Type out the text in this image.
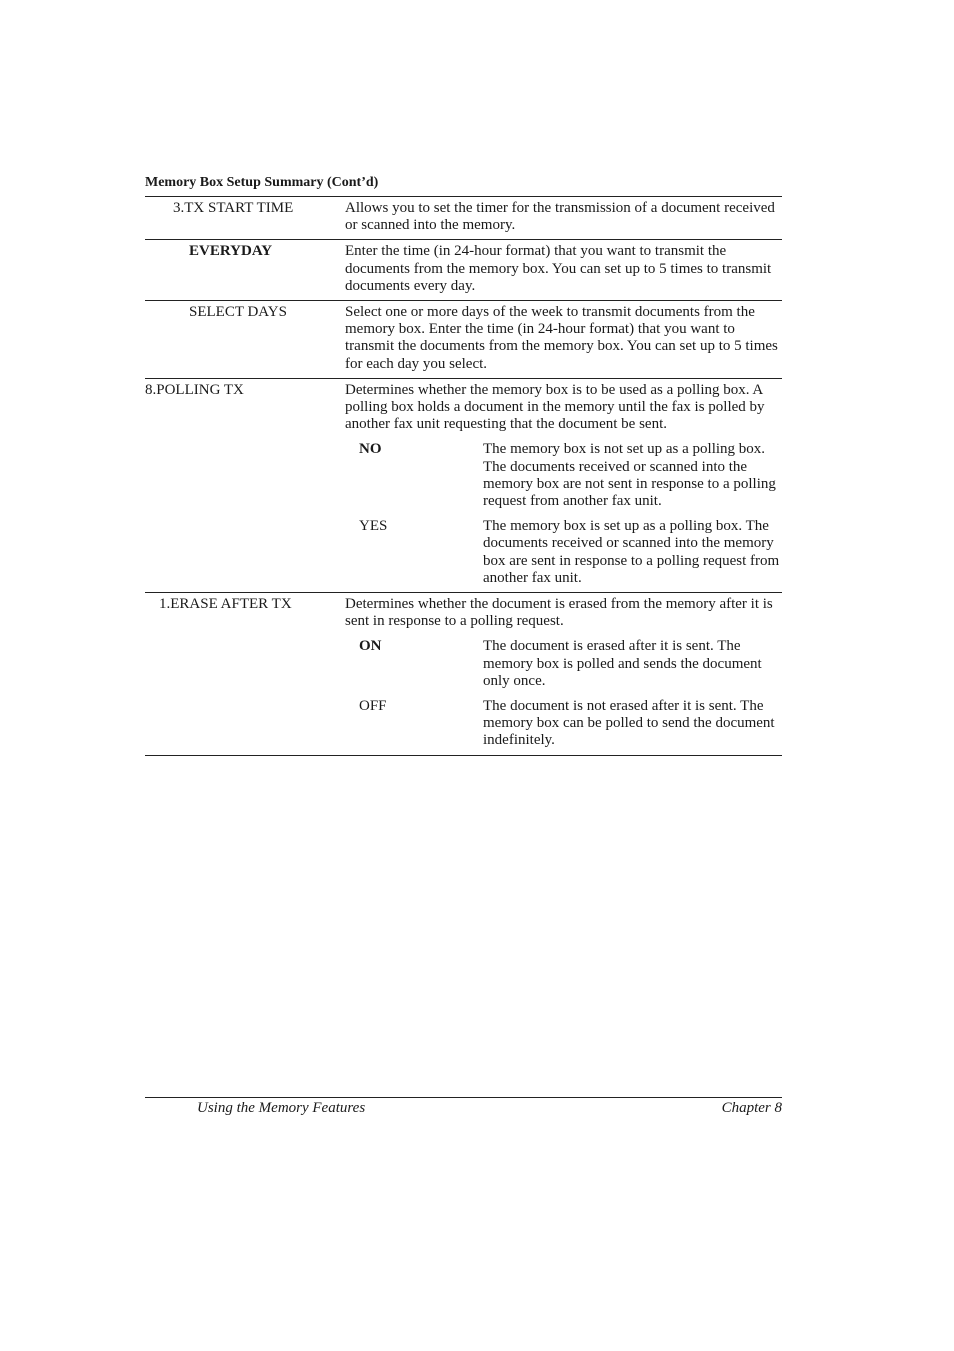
Memory Box Setup Summary (Cont’d)
3.TX START TIME	Allows you to set the timer for the transmission of a document received or scanned into the memory.
EVERYDAY	Enter the time (in 24-hour format) that you want to transmit the documents from the memory box. You can set up to 5 times to transmit documents every day.
SELECT DAYS	Select one or more days of the week to transmit documents from the memory box. Enter the time (in 24-hour format) that you want to transmit the documents from the memory box. You can set up to 5 times for each day you select.
8.POLLING TX	Determines whether the memory box is to be used as a polling box. A polling box holds a document in the memory until the fax is polled by another fax unit requesting that the document be sent.
NO	The memory box is not set up as a polling box. The documents received or scanned into the memory box are not sent in response to a polling request from another fax unit.
YES	The memory box is set up as a polling box. The documents received or scanned into the memory box are sent in response to a polling request from another fax unit.
1.ERASE AFTER TX	Determines whether the document is erased from the memory after it is sent in response to a polling request.
ON	The document is erased after it is sent. The memory box is polled and sends the document only once.
OFF	The document is not erased after it is sent. The memory box can be polled to send the document indefinitely.
Using the Memory Features	Chapter 8
